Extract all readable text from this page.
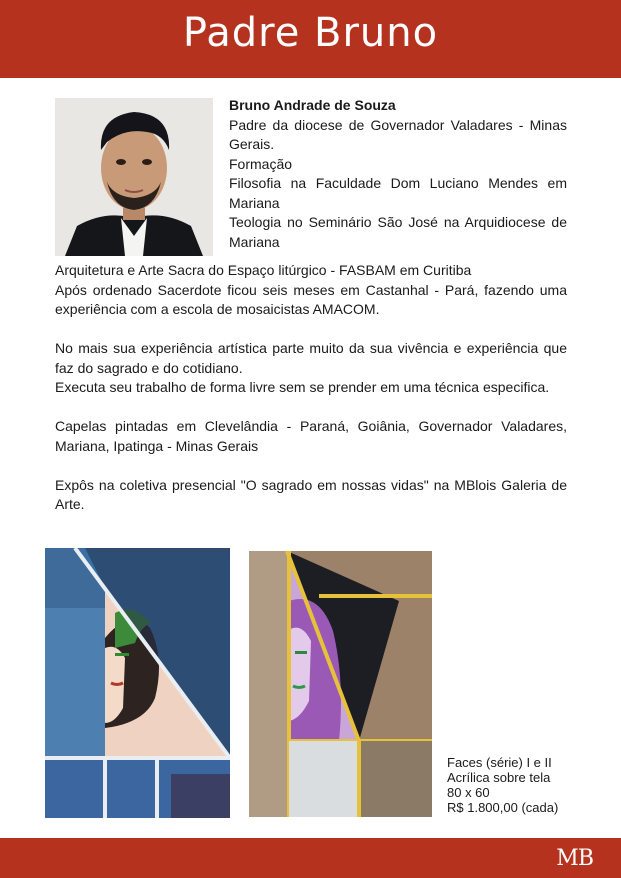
Padre Bruno
Bruno Andrade de Souza
Padre da diocese de Governador Valadares - Minas Gerais.
Formação
Filosofia na Faculdade Dom Luciano Mendes em Mariana
Teologia no Seminário São José na Arquidiocese de Mariana

Arquitetura e Arte Sacra do Espaço litúrgico - FASBAM em Curitiba

Após ordenado Sacerdote ficou seis meses em Castanhal - Pará, fazendo uma experiência com a escola de mosaicistas AMACOM.

No mais sua experiência artística parte muito da sua vivência e experiência que faz do sagrado e do cotidiano.

Executa seu trabalho de forma livre sem se prender em uma técnica especifica.

Capelas pintadas em Clevelândia - Paraná, Goiânia, Governador Valadares, Mariana, Ipatinga - Minas Gerais

Expôs na coletiva presencial "O sagrado em nossas vidas" na MBlois Galeria de Arte.

Faces (série) I e II
Acrílica sobre tela
80 x 60
R$ 1.800,00 (cada)
MB
